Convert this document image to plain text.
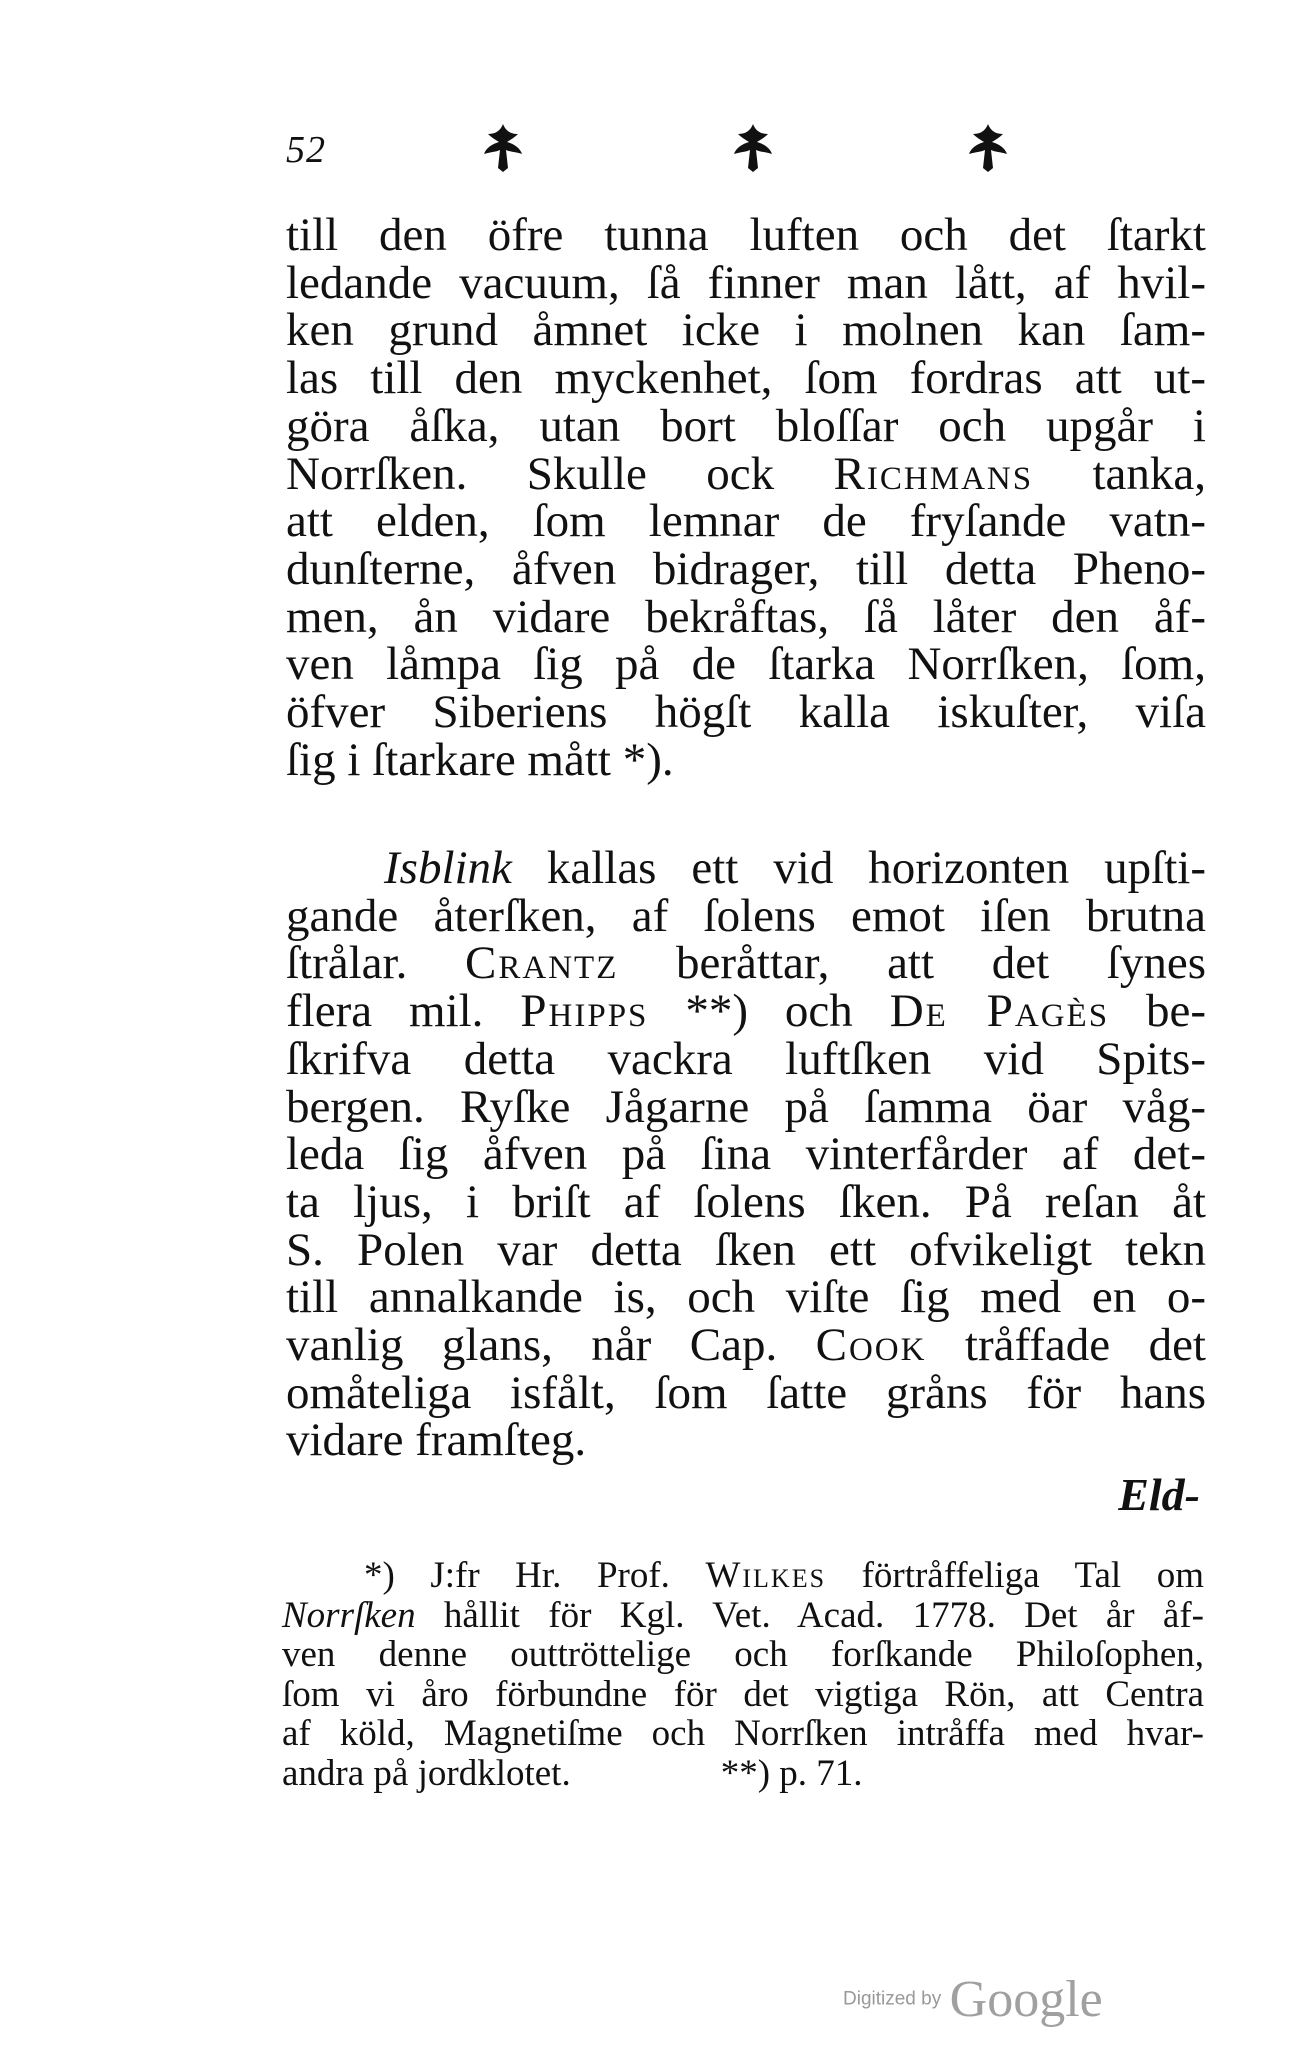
52
till den öfre tunna luften och det ſtarkt
ledande vacuum, ſå finner man lått, af hvil-
ken grund åmnet icke i molnen kan ſam-
las till den myckenhet, ſom fordras att ut-
göra åſka, utan bort bloſſar och upgår i
Norrſken. Skulle ock Richmans tanka,
att elden, ſom lemnar de fryſande vatn-
dunſterne, åfven bidrager, till detta Pheno-
men, ån vidare bekråftas, ſå låter den åf-
ven låmpa ſig på de ſtarka Norrſken, ſom,
öfver Siberiens högſt kalla iskuſter, viſa
ſig i ſtarkare mått *).
Isblink kallas ett vid horizonten upſti-
gande återſken, af ſolens emot iſen brutna
ſtrålar. Crantz beråttar, att det ſynes
flera mil. Phipps **) och De Pagès be-
ſkrifva detta vackra luftſken vid Spits-
bergen. Ryſke Jågarne på ſamma öar våg-
leda ſig åfven på ſina vinterfårder af det-
ta ljus, i briſt af ſolens ſken. På reſan åt
S. Polen var detta ſken ett ofvikeligt tekn
till annalkande is, och viſte ſig med en o-
vanlig glans, når Cap. Cook tråffade det
omåteliga isfålt, ſom ſatte gråns för hans
vidare framſteg.
Eld-
*) J:fr Hr. Prof. Wilkes förtråffeliga Tal om
Norrſken hållit för Kgl. Vet. Acad. 1778. Det år åf-
ven denne outtröttelige och forſkande Philoſophen,
ſom vi åro förbundne för det vigtiga Rön, att Centra
af köld, Magnetiſme och Norrſken intråffa med hvar-
andra på jordklotet.	**) p. 71.
Digitized by Google
